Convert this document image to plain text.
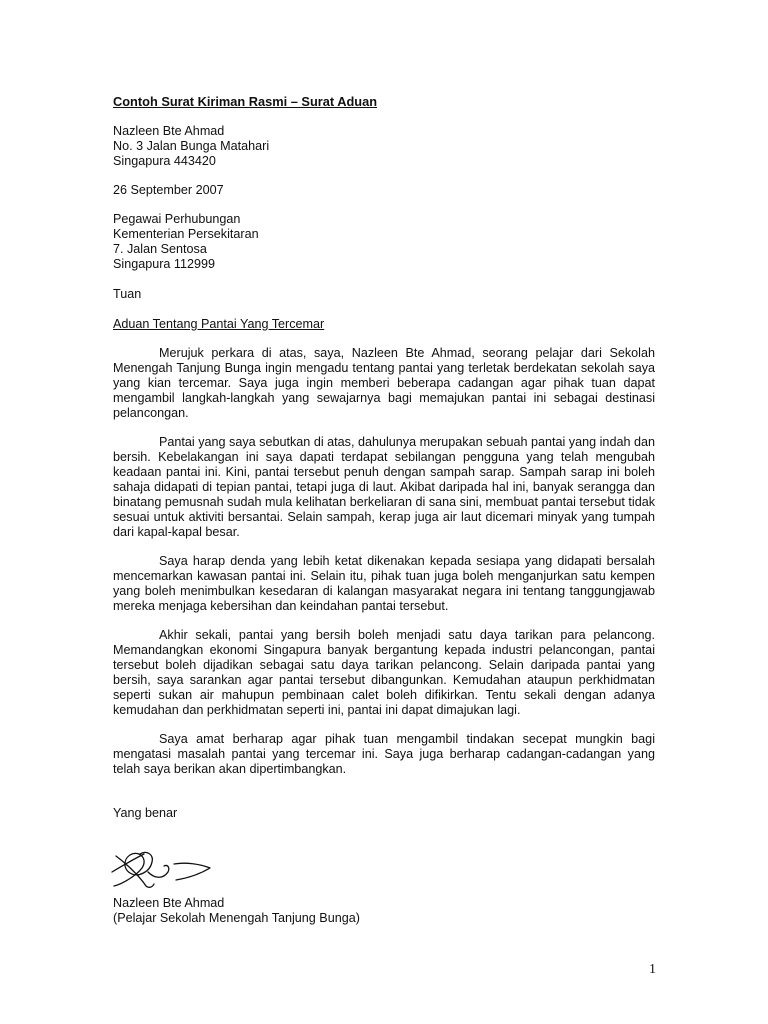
Contoh Surat Kiriman Rasmi – Surat Aduan
Nazleen Bte Ahmad
No. 3 Jalan Bunga Matahari
Singapura 443420
26 September 2007
Pegawai Perhubungan
Kementerian Persekitaran
7. Jalan Sentosa
Singapura 112999
Tuan
Aduan Tentang Pantai Yang Tercemar
Merujuk perkara di atas, saya, Nazleen Bte Ahmad, seorang pelajar dari Sekolah Menengah Tanjung Bunga ingin mengadu tentang pantai yang terletak berdekatan sekolah saya yang kian tercemar. Saya juga ingin memberi beberapa cadangan agar pihak tuan dapat mengambil langkah-langkah yang sewajarnya bagi memajukan pantai ini sebagai destinasi pelancongan.
Pantai yang saya sebutkan di atas, dahulunya merupakan sebuah pantai yang indah dan bersih. Kebelakangan ini saya dapati terdapat sebilangan pengguna yang telah mengubah keadaan pantai ini. Kini, pantai tersebut penuh dengan sampah sarap. Sampah sarap ini boleh sahaja didapati di tepian pantai, tetapi juga di laut. Akibat daripada hal ini, banyak serangga dan binatang pemusnah sudah mula kelihatan berkeliaran di sana sini, membuat pantai tersebut tidak sesuai untuk aktiviti bersantai. Selain sampah, kerap juga air laut dicemari minyak yang tumpah dari kapal-kapal besar.
Saya harap denda yang lebih ketat dikenakan kepada sesiapa yang didapati bersalah mencemarkan kawasan pantai ini. Selain itu, pihak tuan juga boleh menganjurkan satu kempen yang boleh menimbulkan kesedaran di kalangan masyarakat negara ini tentang tanggungjawab mereka menjaga kebersihan dan keindahan pantai tersebut.
Akhir sekali, pantai yang bersih boleh menjadi satu daya tarikan para pelancong. Memandangkan ekonomi Singapura banyak bergantung kepada industri pelancongan, pantai tersebut boleh dijadikan sebagai satu daya tarikan pelancong. Selain daripada pantai yang bersih, saya sarankan agar pantai tersebut dibangunkan. Kemudahan ataupun perkhidmatan seperti sukan air mahupun pembinaan calet boleh difikirkan. Tentu sekali dengan adanya kemudahan dan perkhidmatan seperti ini, pantai ini dapat dimajukan lagi.
Saya amat berharap agar pihak tuan mengambil tindakan secepat mungkin bagi mengatasi masalah pantai yang tercemar ini. Saya juga berharap cadangan-cadangan yang telah saya berikan akan dipertimbangkan.
Yang benar
Nazleen Bte Ahmad
(Pelajar Sekolah Menengah Tanjung Bunga)
1
